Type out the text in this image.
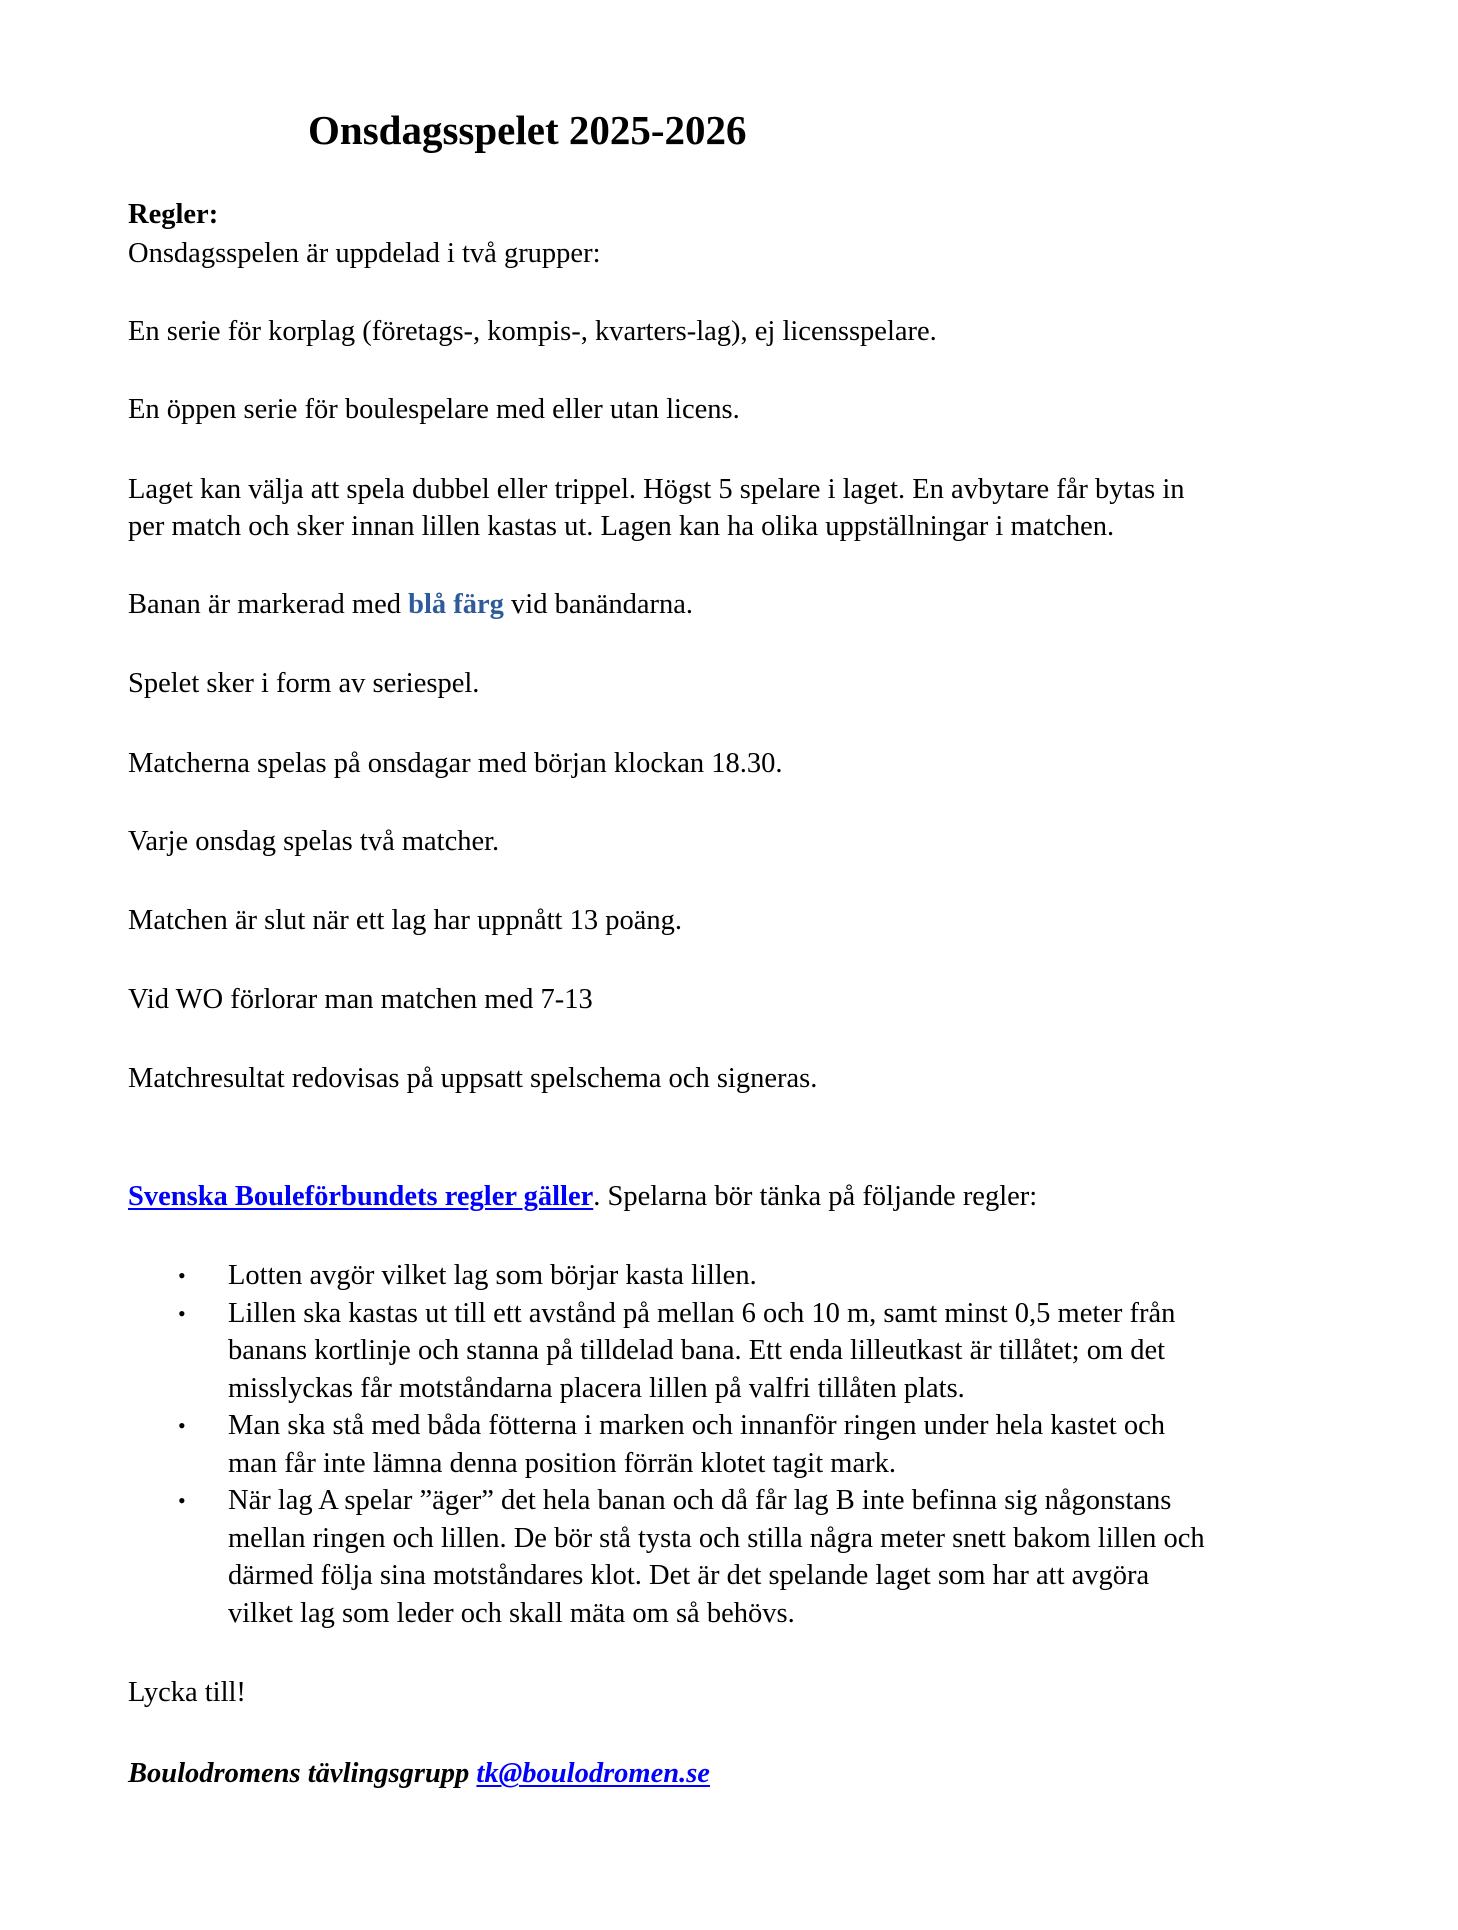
Onsdagsspelet 2025-2026

Regler:

Onsdagsspelen är uppdelad i två grupper:

En serie för korplag (företags-, kompis-, kvarters-lag), ej licensspelare.

En öppen serie för boulespelare med eller utan licens.

Laget kan välja att spela dubbel eller trippel. Högst 5 spelare i laget. En avbytare får bytas in

per match och sker innan lillen kastas ut. Lagen kan ha olika uppställningar i matchen.

Banan är markerad med blå färg vid banändarna.

Spelet sker i form av seriespel.

Matcherna spelas på onsdagar med början klockan 18.30.

Varje onsdag spelas två matcher.

Matchen är slut när ett lag har uppnått 13 poäng.

Vid WO förlorar man matchen med 7-13

Matchresultat redovisas på uppsatt spelschema och signeras.

Svenska Bouleförbundets regler gäller. Spelarna bör tänka på följande regler:

• Lotten avgör vilket lag som börjar kasta lillen.
• Lillen ska kastas ut till ett avstånd på mellan 6 och 10 m, samt minst 0,5 meter från
banans kortlinje och stanna på tilldelad bana. Ett enda lilleutkast är tillåtet; om det
misslyckas får motståndarna placera lillen på valfri tillåten plats.
• Man ska stå med båda fötterna i marken och innanför ringen under hela kastet och
man får inte lämna denna position förrän klotet tagit mark.
• När lag A spelar ”äger” det hela banan och då får lag B inte befinna sig någonstans
mellan ringen och lillen. De bör stå tysta och stilla några meter snett bakom lillen och
därmed följa sina motståndares klot. Det är det spelande laget som har att avgöra
vilket lag som leder och skall mäta om så behövs.

Lycka till!

Boulodromens tävlingsgrupp tk@boulodromen.se
